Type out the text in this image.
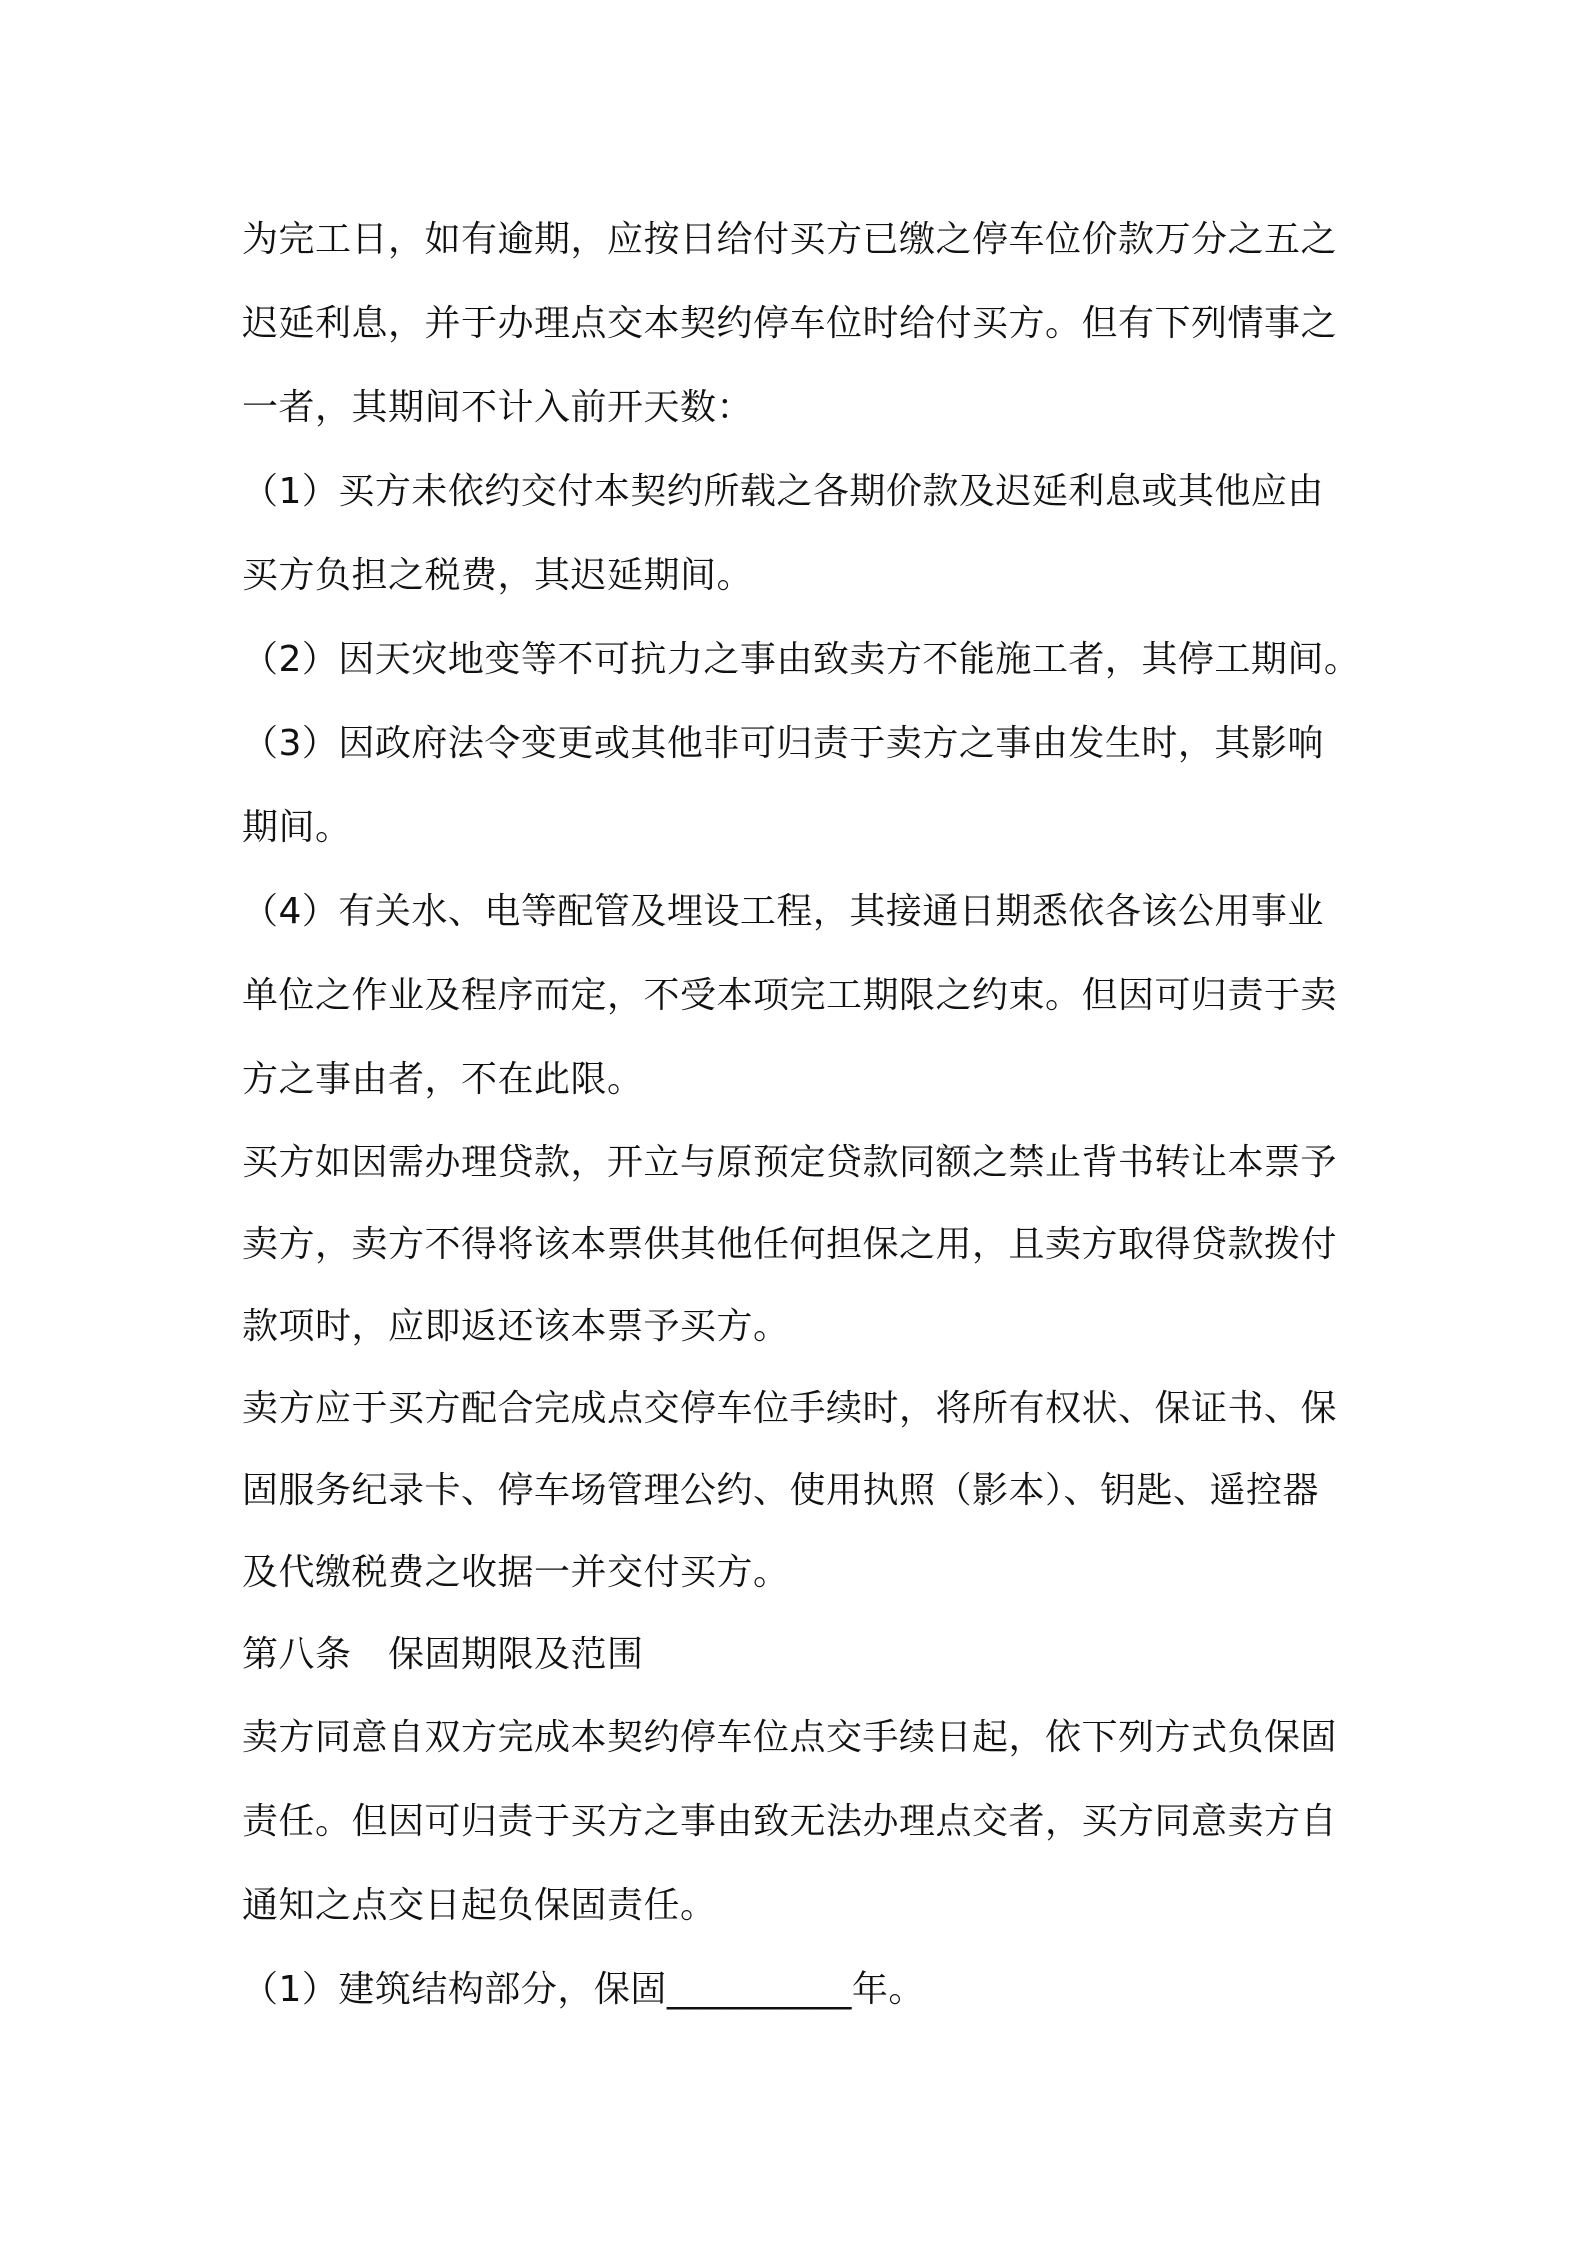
为完工日，如有逾期，应按日给付买方已缴之停车位价款万分之五之
迟延利息，并于办理点交本契约停车位时给付买方。但有下列情事之
一者，其期间不计入前开天数：
（1）买方未依约交付本契约所载之各期价款及迟延利息或其他应由
买方负担之税费，其迟延期间。
（2）因天灾地变等不可抗力之事由致卖方不能施工者，其停工期间。
（3）因政府法令变更或其他非可归责于卖方之事由发生时，其影响
期间。
（4）有关水、电等配管及埋设工程，其接通日期悉依各该公用事业
单位之作业及程序而定，不受本项完工期限之约束。但因可归责于卖
方之事由者，不在此限。
买方如因需办理贷款，开立与原预定贷款同额之禁止背书转让本票予
卖方，卖方不得将该本票供其他任何担保之用，且卖方取得贷款拨付
款项时，应即返还该本票予买方。
卖方应于买方配合完成点交停车位手续时，将所有权状、保证书、保
固服务纪录卡、停车场管理公约、使用执照（影本）、钥匙、遥控器
及代缴税费之收据一并交付买方。
第八条　保固期限及范围
卖方同意自双方完成本契约停车位点交手续日起，依下列方式负保固
责任。但因可归责于买方之事由致无法办理点交者，买方同意卖方自
通知之点交日起负保固责任。
（1）建筑结构部分，保固__________年。
